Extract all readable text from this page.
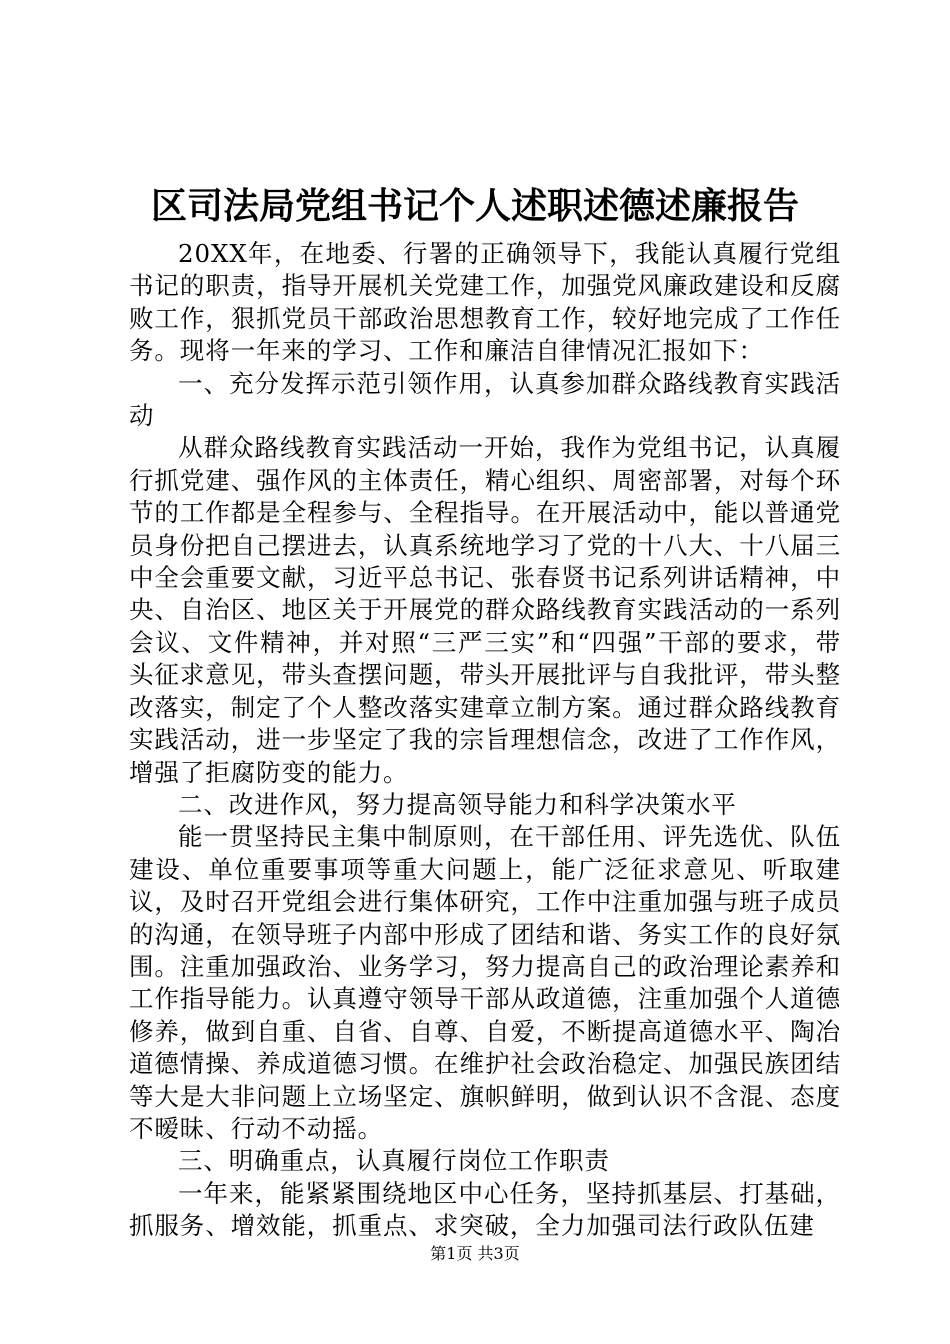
区司法局党组书记个人述职述德述廉报告

20XX年，在地委、行署的正确领导下，我能认真履行党组书记的职责，指导开展机关党建工作，加强党风廉政建设和反腐败工作，狠抓党员干部政治思想教育工作，较好地完成了工作任务。现将一年来的学习、工作和廉洁自律情况汇报如下：

一、充分发挥示范引领作用，认真参加群众路线教育实践活动

从群众路线教育实践活动一开始，我作为党组书记，认真履行抓党建、强作风的主体责任，精心组织、周密部署，对每个环节的工作都是全程参与、全程指导。在开展活动中，能以普通党员身份把自己摆进去，认真系统地学习了党的十八大、十八届三中全会重要文献，习近平总书记、张春贤书记系列讲话精神，中央、自治区、地区关于开展党的群众路线教育实践活动的一系列会议、文件精神，并对照“三严三实”和“四强”干部的要求，带头征求意见，带头查摆问题，带头开展批评与自我批评，带头整改落实，制定了个人整改落实建章立制方案。通过群众路线教育实践活动，进一步坚定了我的宗旨理想信念，改进了工作作风，增强了拒腐防变的能力。

二、改进作风，努力提高领导能力和科学决策水平

能一贯坚持民主集中制原则，在干部任用、评先选优、队伍建设、单位重要事项等重大问题上，能广泛征求意见、听取建议，及时召开党组会进行集体研究，工作中注重加强与班子成员的沟通，在领导班子内部中形成了团结和谐、务实工作的良好氛围。注重加强政治、业务学习，努力提高自己的政治理论素养和工作指导能力。认真遵守领导干部从政道德，注重加强个人道德修养，做到自重、自省、自尊、自爱，不断提高道德水平、陶冶道德情操、养成道德习惯。在维护社会政治稳定、加强民族团结等大是大非问题上立场坚定、旗帜鲜明，做到认识不含混、态度不暧昧、行动不动摇。

三、明确重点，认真履行岗位工作职责

一年来，能紧紧围绕地区中心任务，坚持抓基层、打基础，抓服务、增效能，抓重点、求突破，全力加强司法行政队伍建

第1页 共3页
